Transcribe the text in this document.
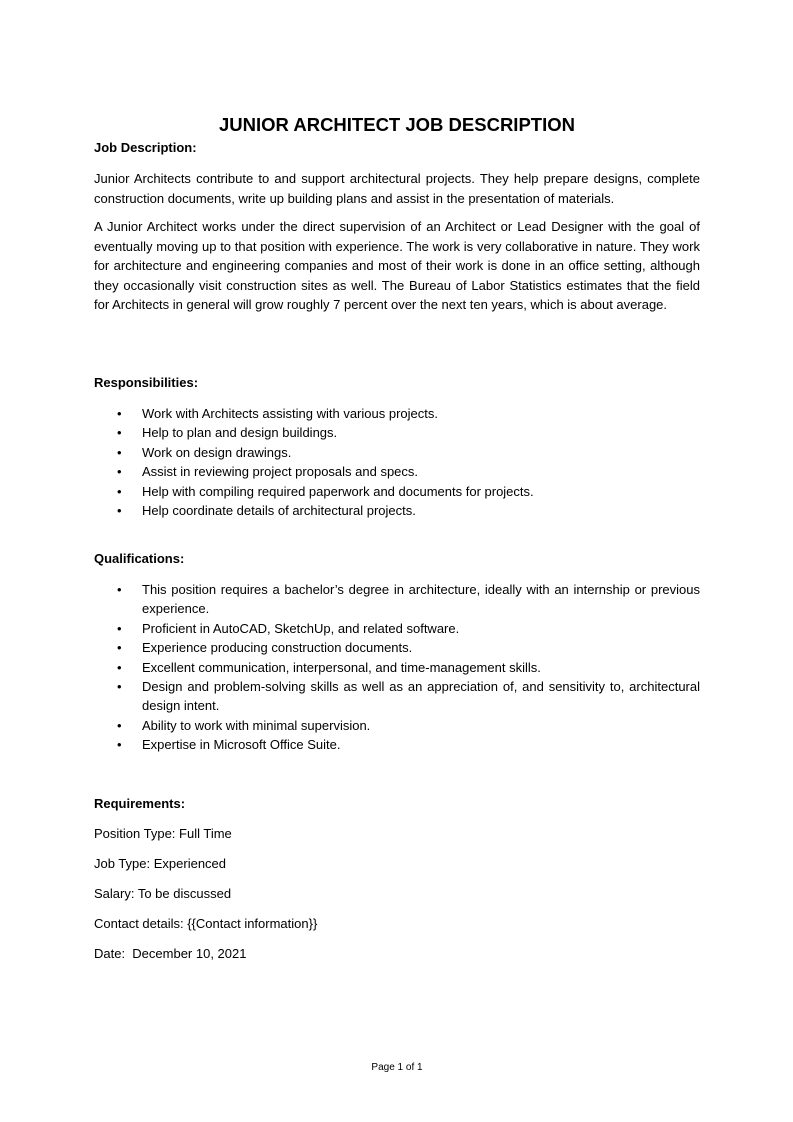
JUNIOR ARCHITECT JOB DESCRIPTION

Job Description:

Junior Architects contribute to and support architectural projects. They help prepare designs, complete construction documents, write up building plans and assist in the presentation of materials.

A Junior Architect works under the direct supervision of an Architect or Lead Designer with the goal of eventually moving up to that position with experience. The work is very collaborative in nature. They work for architecture and engineering companies and most of their work is done in an office setting, although they occasionally visit construction sites as well. The Bureau of Labor Statistics estimates that the field for Architects in general will grow roughly 7 percent over the next ten years, which is about average.

Responsibilities:

• Work with Architects assisting with various projects.
• Help to plan and design buildings.
• Work on design drawings.
• Assist in reviewing project proposals and specs.
• Help with compiling required paperwork and documents for projects.
• Help coordinate details of architectural projects.

Qualifications:

• This position requires a bachelor’s degree in architecture, ideally with an internship or previous experience.
• Proficient in AutoCAD, SketchUp, and related software.
• Experience producing construction documents.
• Excellent communication, interpersonal, and time-management skills.
• Design and problem-solving skills as well as an appreciation of, and sensitivity to, architectural design intent.
• Ability to work with minimal supervision.
• Expertise in Microsoft Office Suite.

Requirements:

Position Type: Full Time

Job Type: Experienced

Salary: To be discussed

Contact details: {{Contact information}}

Date:  December 10, 2021

Page 1 of 1
